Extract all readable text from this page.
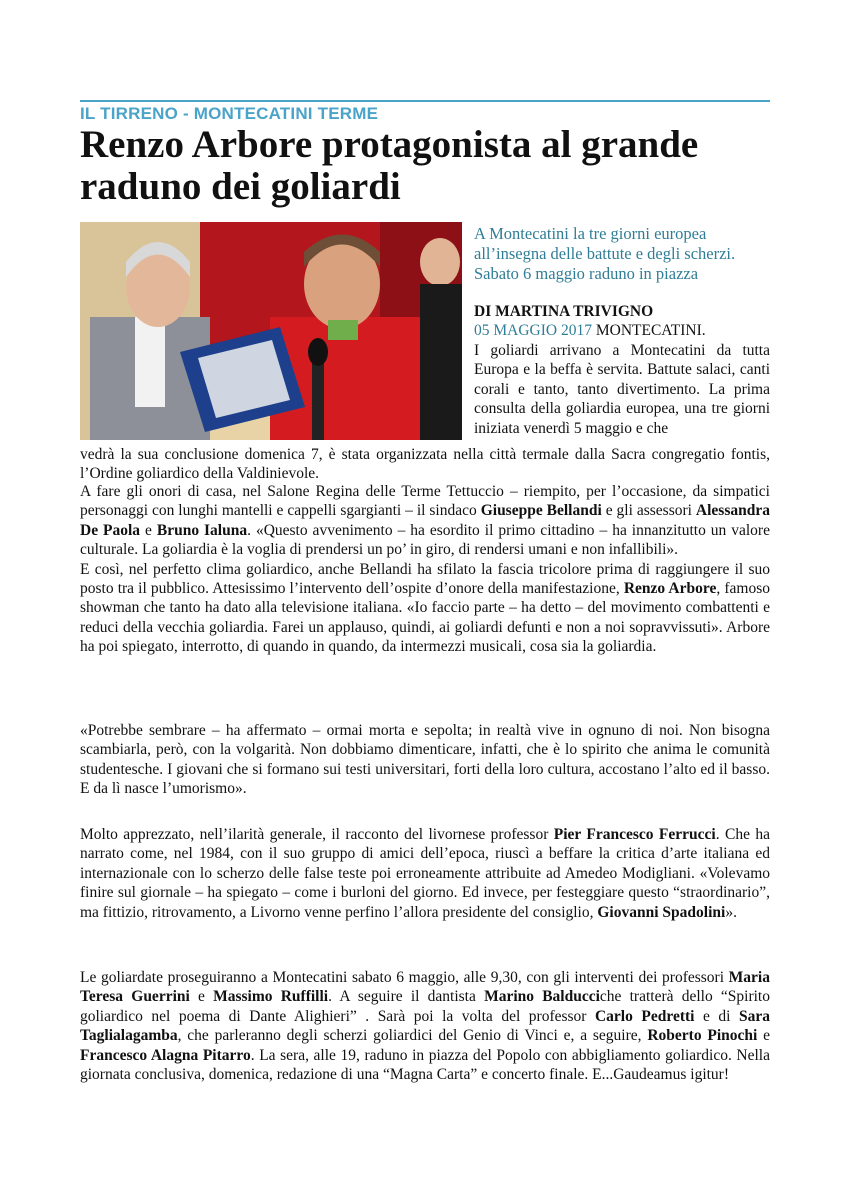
IL TIRRENO - MONTECATINI TERME
Renzo Arbore protagonista al grande raduno dei goliardi

A Montecatini la tre giorni europea all’insegna delle battute e degli scherzi. Sabato 6 maggio raduno in piazza

DI MARTINA TRIVIGNO
05 MAGGIO 2017 MONTECATINI.

I goliardi arrivano a Montecatini da tutta Europa e la beffa è servita. Battute salaci, canti corali e tanto, tanto divertimento. La prima consulta della goliardia europea, una tre giorni iniziata venerdì 5 maggio e che

vedrà la sua conclusione domenica 7, è stata organizzata nella città termale dalla Sacra congregatio fontis, l’Ordine goliardico della Valdinievole.

A fare gli onori di casa, nel Salone Regina delle Terme Tettuccio – riempito, per l’occasione, da simpatici personaggi con lunghi mantelli e cappelli sgargianti – il sindaco Giuseppe Bellandi e gli assessori Alessandra De Paola e Bruno Ialuna. «Questo avvenimento – ha esordito il primo cittadino – ha innanzitutto un valore culturale. La goliardia è la voglia di prendersi un po’ in giro, di rendersi umani e non infallibili».

E così, nel perfetto clima goliardico, anche Bellandi ha sfilato la fascia tricolore prima di raggiungere il suo posto tra il pubblico. Attesissimo l’intervento dell’ospite d’onore della manifestazione, Renzo Arbore, famoso showman che tanto ha dato alla televisione italiana. «Io faccio parte – ha detto – del movimento combattenti e reduci della vecchia goliardia. Farei un applauso, quindi, ai goliardi defunti e non a noi sopravvissuti». Arbore ha poi spiegato, interrotto, di quando in quando, da intermezzi musicali, cosa sia la goliardia.

«Potrebbe sembrare – ha affermato – ormai morta e sepolta; in realtà vive in ognuno di noi. Non bisogna scambiarla, però, con la volgarità. Non dobbiamo dimenticare, infatti, che è lo spirito che anima le comunità studentesche. I giovani che si formano sui testi universitari, forti della loro cultura, accostano l’alto ed il basso. E da lì nasce l’umorismo».

Molto apprezzato, nell’ilarità generale, il racconto del livornese professor Pier Francesco Ferrucci. Che ha narrato come, nel 1984, con il suo gruppo di amici dell’epoca, riuscì a beffare la critica d’arte italiana ed internazionale con lo scherzo delle false teste poi erroneamente attribuite ad Amedeo Modigliani. «Volevamo finire sul giornale – ha spiegato – come i burloni del giorno. Ed invece, per festeggiare questo “straordinario”, ma fittizio, ritrovamento, a Livorno venne perfino l’allora presidente del consiglio, Giovanni Spadolini».

Le goliardate proseguiranno a Montecatini sabato 6 maggio, alle 9,30, con gli interventi dei professori Maria Teresa Guerrini e Massimo Ruffilli. A seguire il dantista Marino Balducciche tratterà dello “Spirito goliardico nel poema di Dante Alighieri” . Sarà poi la volta del professor Carlo Pedretti e di Sara Taglialagamba, che parleranno degli scherzi goliardici del Genio di Vinci e, a seguire, Roberto Pinochi e Francesco Alagna Pitarro. La sera, alle 19, raduno in piazza del Popolo con abbigliamento goliardico. Nella giornata conclusiva, domenica, redazione di una “Magna Carta” e concerto finale. E...Gaudeamus igitur!
